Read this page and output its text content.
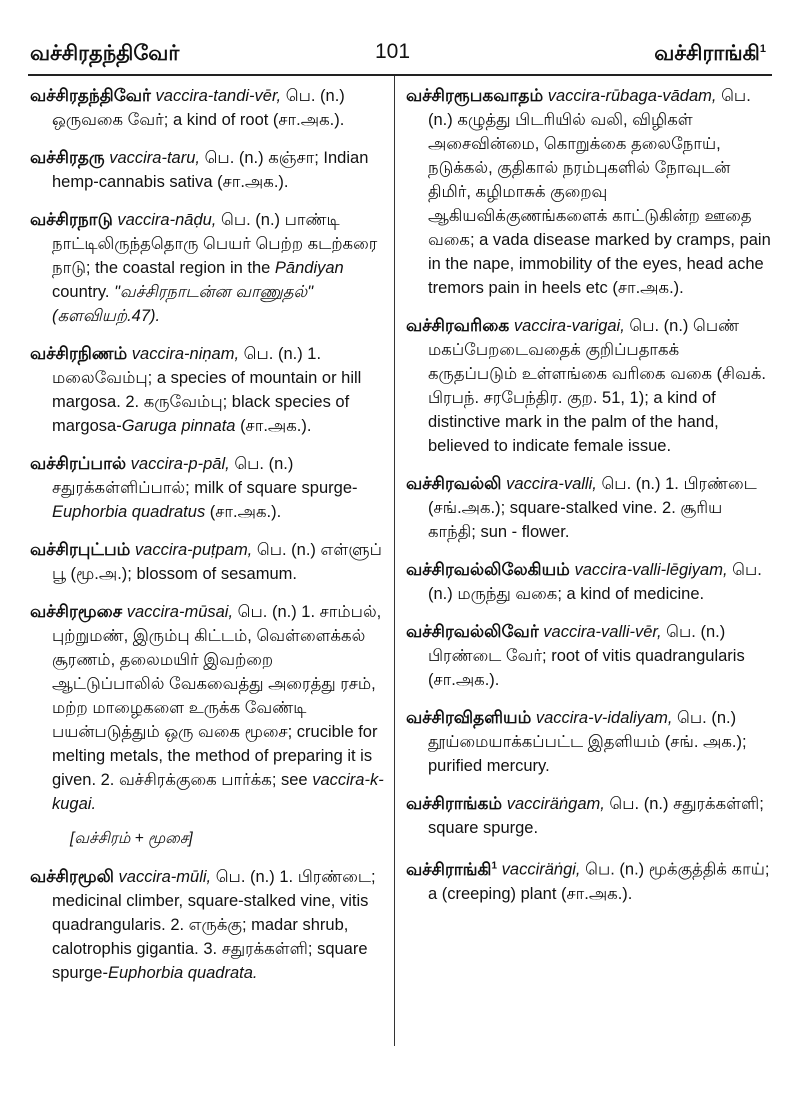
வச்சிரதந்திவேர்	101	வச்சிராங்கி$^1$
வச்சிரதந்திவேர் vaccira-tandi-vēr, பெ. (n.) ஒருவகை வேர்; a kind of root (சா.அக.).
வச்சிரதரு vaccira-taru, பெ. (n.) கஞ்சா; Indian hemp-cannabis sativa (சா.அக.).
வச்சிரநாடு vaccira-nāḍu, பெ. (n.) பாண்டி நாட்டிலிருந்ததொரு பெயர் பெற்ற கடற்கரை நாடு; the coastal region in the Pāndiyan country. "வச்சிரநாடன்ன வாணுதல்" (களவியற்.47).
வச்சிரநிணம் vaccira-niṇam, பெ. (n.) 1. மலைவேம்பு; a species of mountain or hill margosa. 2. கருவேம்பு; black species of margosa-Garuga pinnata (சா.அக.).
வச்சிரப்பால் vaccira-p-pāl, பெ. (n.) சதுரக்கள்ளிப்பால்; milk of square spurge- Euphorbia quadratus (சா.அக.).
வச்சிரபுட்பம் vaccira-puṭpam, பெ. (n.) எள்ளுப் பூ (மூ.அ.); blossom of sesamum.
வச்சிரமூசை vaccira-mūsai, பெ. (n.) 1. சாம்பல், புற்றுமண், இரும்பு கிட்டம், வெள்ளைக்கல் சூரணம், தலைமயிர் இவற்றை ஆட்டுப்பாலில் வேகவைத்து அரைத்து ரசம், மற்ற மாழைகளை உருக்க வேண்டி பயன்படுத்தும் ஒரு வகை மூசை; crucible for melting metals, the method of preparing it is given. 2. வச்சிரக்குகை பார்க்க; see vaccira-k-kugai.
[வச்சிரம் + மூசை]
வச்சிரமூலி vaccira-mūli, பெ. (n.) 1. பிரண்டை; medicinal climber, square-stalked vine, vitis quadrangularis. 2. எருக்கு; madar shrub, calotrophis gigantia. 3. சதுரக்கள்ளி; square spurge-Euphorbia quadrata.
வச்சிரரூபகவாதம் vaccira-rūbaga-vādam, பெ. (n.) கழுத்து பிடரியில் வலி, விழிகள் அசைவின்மை, கொறுக்கை தலைநோய், நடுக்கல், குதிகால் நரம்புகளில் நோவுடன் திமிர், கழிமாசுக் குறைவு ஆகியவிக்குணங்களைக் காட்டுகின்ற ஊதை வகை; a vada disease marked by cramps, pain in the nape, immobility of the eyes, head ache tremors pain in heels etc (சா.அக.).
வச்சிரவரிகை vaccira-varigai, பெ. (n.) பெண் மகப்பேறடைவதைக் குறிப்பதாகக் கருதப்படும் உள்ளங்கை வரிகை வகை (சிவக். பிரபந். சரபேந்திர. குற. 51, 1); a kind of distinctive mark in the palm of the hand, believed to indicate female issue.
வச்சிரவல்லி vaccira-valli, பெ. (n.) 1. பிரண்டை (சங்.அக.); square-stalked vine. 2. சூரிய காந்தி; sun - flower.
வச்சிரவல்லிலேகியம் vaccira-valli-lēgiyam, பெ. (n.) மருந்து வகை; a kind of medicine.
வச்சிரவல்லிவேர் vaccira-valli-vēr, பெ. (n.) பிரண்டை வேர்; root of vitis quadrangularis (சா.அக.).
வச்சிரவிதளியம் vaccira-v-idaliyam, பெ. (n.) தூய்மையாக்கப்பட்ட இதளியம் (சங். அக.); purified mercury.
வச்சிராங்கம் vacciräṅgam, பெ. (n.) சதுரக்கள்ளி; square spurge.
வச்சிராங்கி$^1$ vacciräṅgi, பெ. (n.) மூக்குத்திக் காய்; a (creeping) plant (சா.அக.).
